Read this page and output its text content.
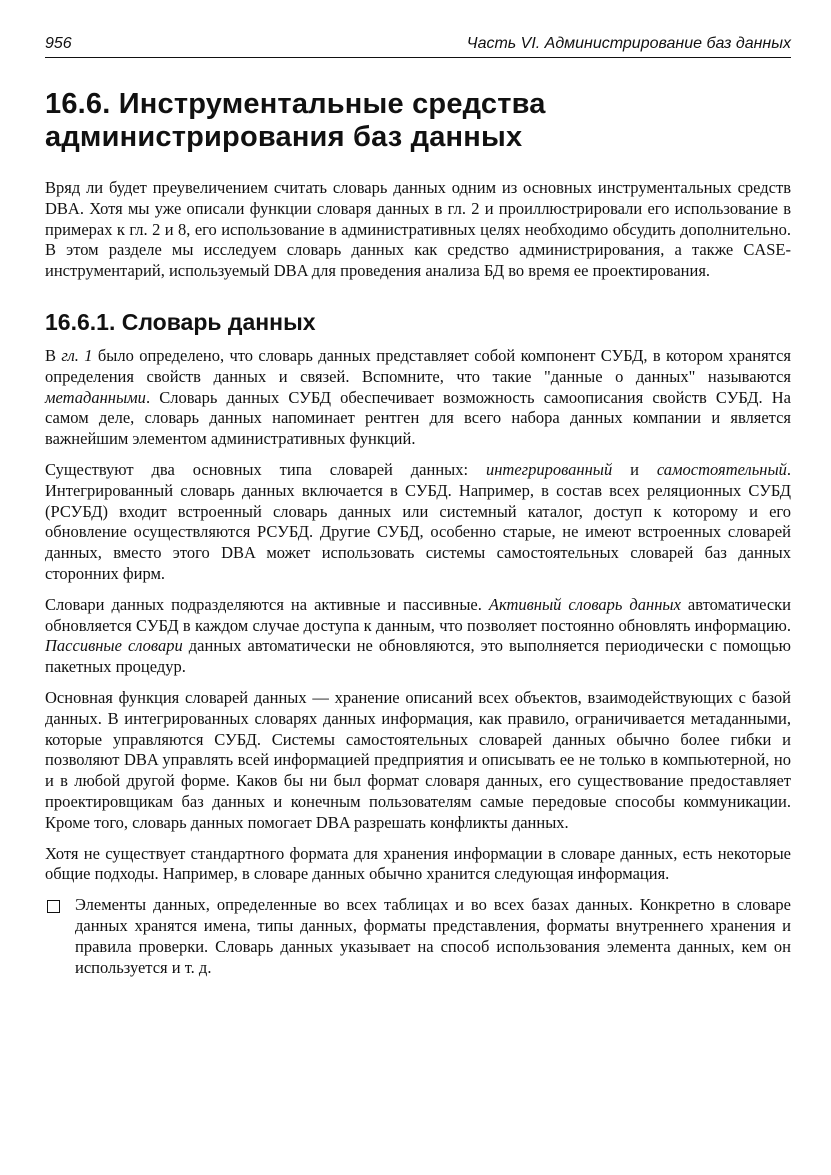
956	Часть VI. Администрирование баз данных
16.6. Инструментальные средства администрирования баз данных

Вряд ли будет преувеличением считать словарь данных одним из основных инструментальных средств DBA. Хотя мы уже описали функции словаря данных в гл. 2 и проиллюстрировали его использование в примерах к гл. 2 и 8, его использование в административных целях необходимо обсудить дополнительно. В этом разделе мы исследуем словарь данных как средство администрирования, а также CASE-инструментарий, используемый DBA для проведения анализа БД во время ее проектирования.

16.6.1. Словарь данных

В гл. 1 было определено, что словарь данных представляет собой компонент СУБД, в котором хранятся определения свойств данных и связей. Вспомните, что такие "данные о данных" называются метаданными. Словарь данных СУБД обеспечивает возможность самоописания свойств СУБД. На самом деле, словарь данных напоминает рентген для всего набора данных компании и является важнейшим элементом административных функций.

Существуют два основных типа словарей данных: интегрированный и самостоятельный. Интегрированный словарь данных включается в СУБД. Например, в состав всех реляционных СУБД (РСУБД) входит встроенный словарь данных или системный каталог, доступ к которому и его обновление осуществляются РСУБД. Другие СУБД, особенно старые, не имеют встроенных словарей данных, вместо этого DBA может использовать системы самостоятельных словарей баз данных сторонних фирм.

Словари данных подразделяются на активные и пассивные. Активный словарь данных автоматически обновляется СУБД в каждом случае доступа к данным, что позволяет постоянно обновлять информацию. Пассивные словари данных автоматически не обновляются, это выполняется периодически с помощью пакетных процедур.

Основная функция словарей данных — хранение описаний всех объектов, взаимодействующих с базой данных. В интегрированных словарях данных информация, как правило, ограничивается метаданными, которые управляются СУБД. Системы самостоятельных словарей данных обычно более гибки и позволяют DBA управлять всей информацией предприятия и описывать ее не только в компьютерной, но и в любой другой форме. Каков бы ни был формат словаря данных, его существование предоставляет проектировщикам баз данных и конечным пользователям самые передовые способы коммуникации. Кроме того, словарь данных помогает DBA разрешать конфликты данных.

Хотя не существует стандартного формата для хранения информации в словаре данных, есть некоторые общие подходы. Например, в словаре данных обычно хранится следующая информация.

Элементы данных, определенные во всех таблицах и во всех базах данных. Конкретно в словаре данных хранятся имена, типы данных, форматы представления, форматы внутреннего хранения и правила проверки. Словарь данных указывает на способ использования элемента данных, кем он используется и т. д.
